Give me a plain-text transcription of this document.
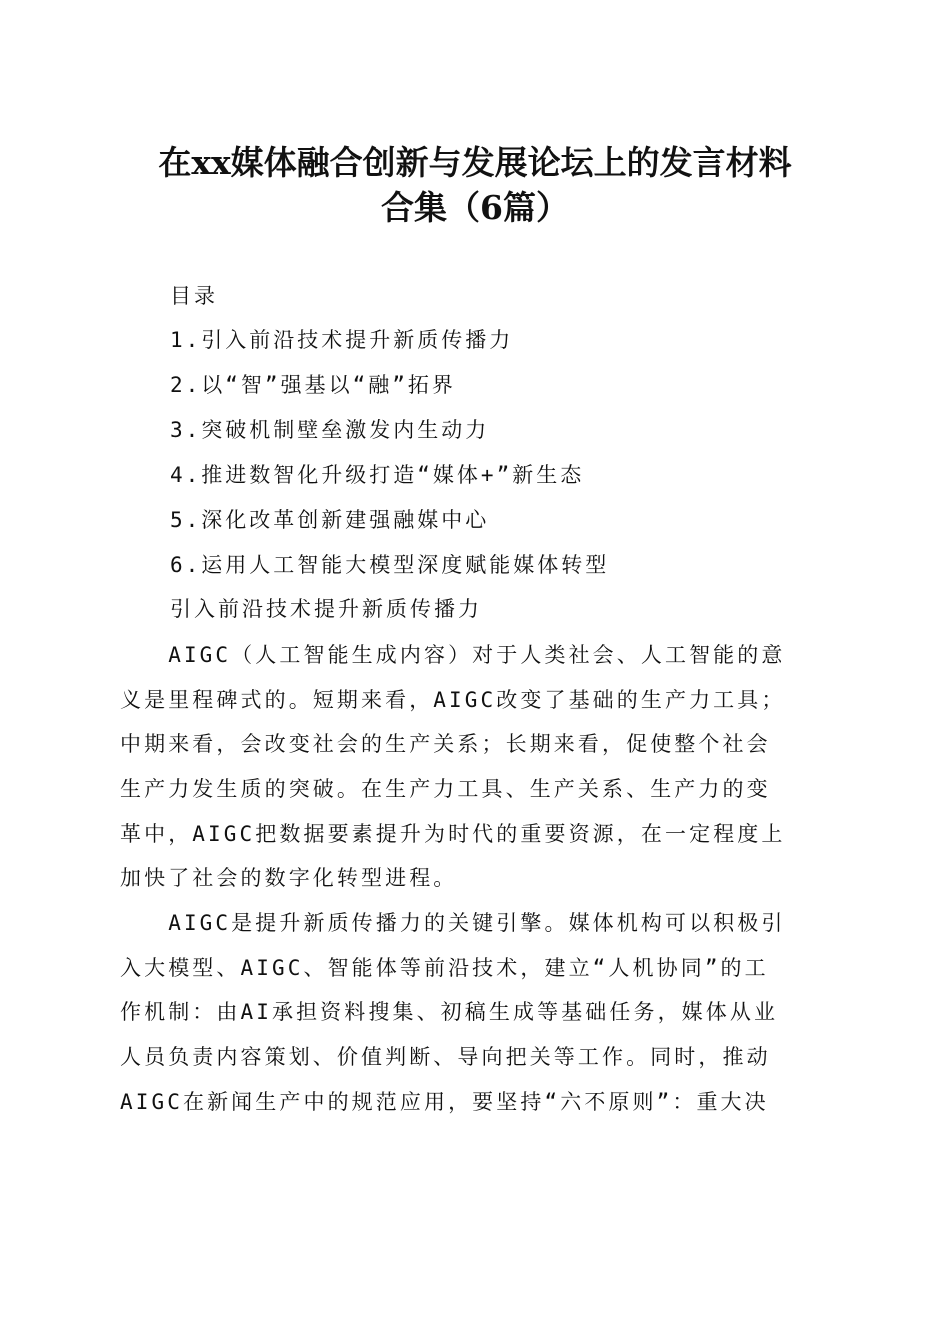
在xx媒体融合创新与发展论坛上的发言材料
合集（6篇）
目录
1.引入前沿技术提升新质传播力
2.以“智”强基以“融”拓界
3.突破机制壁垒激发内生动力
4.推进数智化升级打造“媒体+”新生态
5.深化改革创新建强融媒中心
6.运用人工智能大模型深度赋能媒体转型
引入前沿技术提升新质传播力
　　AIGC（人工智能生成内容）对于人类社会、人工智能的意
义是里程碑式的。短期来看，AIGC改变了基础的生产力工具；
中期来看，会改变社会的生产关系；长期来看，促使整个社会
生产力发生质的突破。在生产力工具、生产关系、生产力的变
革中，AIGC把数据要素提升为时代的重要资源，在一定程度上
加快了社会的数字化转型进程。
　　AIGC是提升新质传播力的关键引擎。媒体机构可以积极引
入大模型、AIGC、智能体等前沿技术，建立“人机协同”的工
作机制：由AI承担资料搜集、初稿生成等基础任务，媒体从业
人员负责内容策划、价值判断、导向把关等工作。同时，推动
AIGC在新闻生产中的规范应用，要坚持“六不原则”：重大决
